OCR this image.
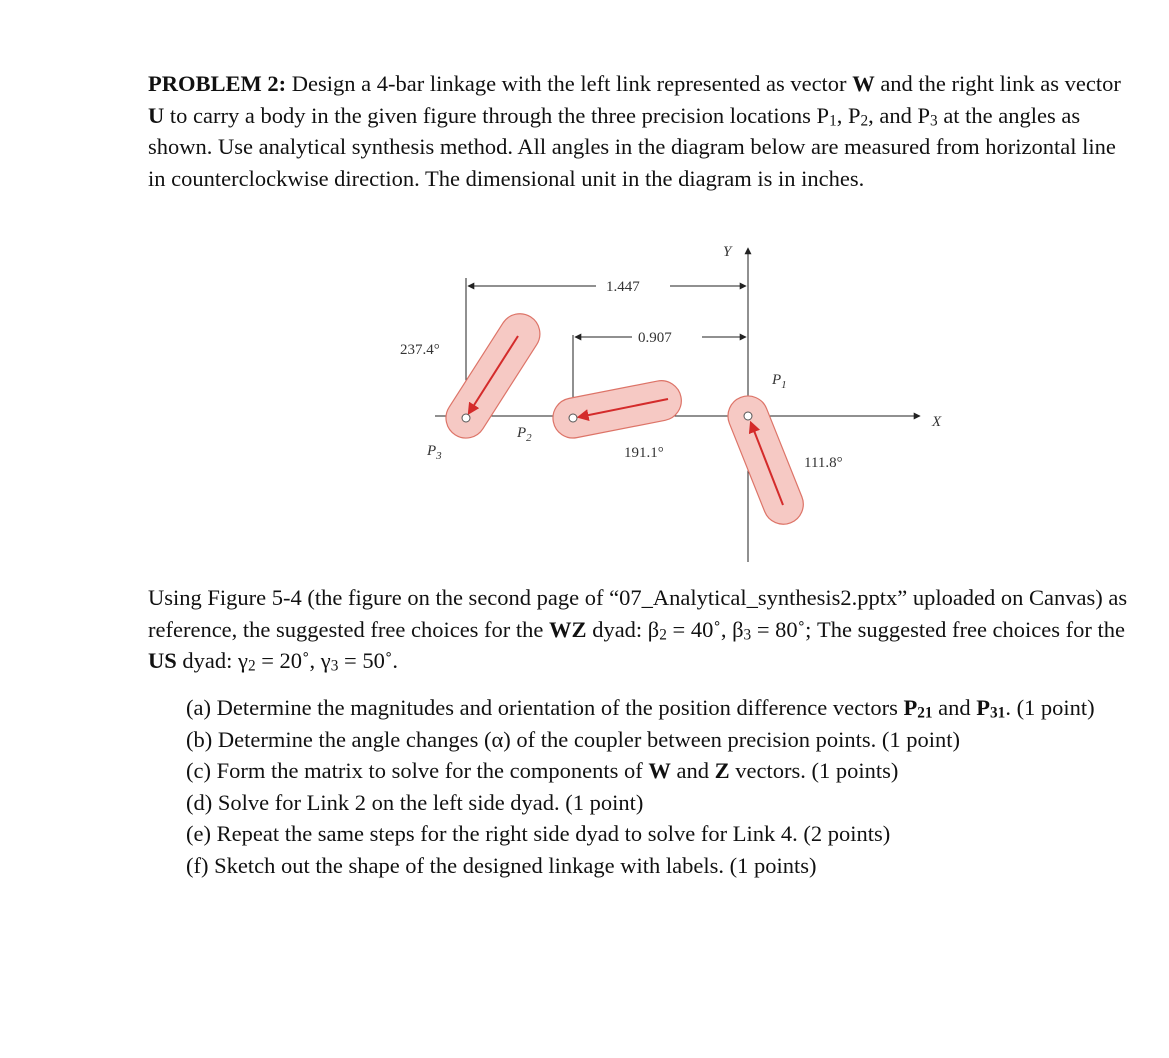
PROBLEM 2: Design a 4-bar linkage with the left link represented as vector W and the right link as vector U to carry a body in the given figure through the three precision locations $P_1$, $P_2$, and $P_3$ at the angles as shown. Use analytical synthesis method. All angles in the diagram below are measured from horizontal line in counterclockwise direction. The dimensional unit in the diagram is in inches.

Y
X
1.447
0.907
237.4°
191.1°
111.8°
$P_3$
$P_2$
$P_1$

Using Figure 5-4 (the figure on the second page of “07_Analytical_synthesis2.pptx” uploaded on Canvas) as reference, the suggested free choices for the WZ dyad: $\beta_2$ = 40˚, $\beta_3$ = 80˚; The suggested free choices for the US dyad: $\gamma_2$ = 20˚, $\gamma_3$ = 50˚.

(a) Determine the magnitudes and orientation of the position difference vectors $P_{21}$ and $P_{31}$. (1 point)
(b) Determine the angle changes (α) of the coupler between precision points. (1 point)
(c) Form the matrix to solve for the components of W and Z vectors. (1 points)
(d) Solve for Link 2 on the left side dyad. (1 point)
(e) Repeat the same steps for the right side dyad to solve for Link 4. (2 points)
(f) Sketch out the shape of the designed linkage with labels. (1 points)
